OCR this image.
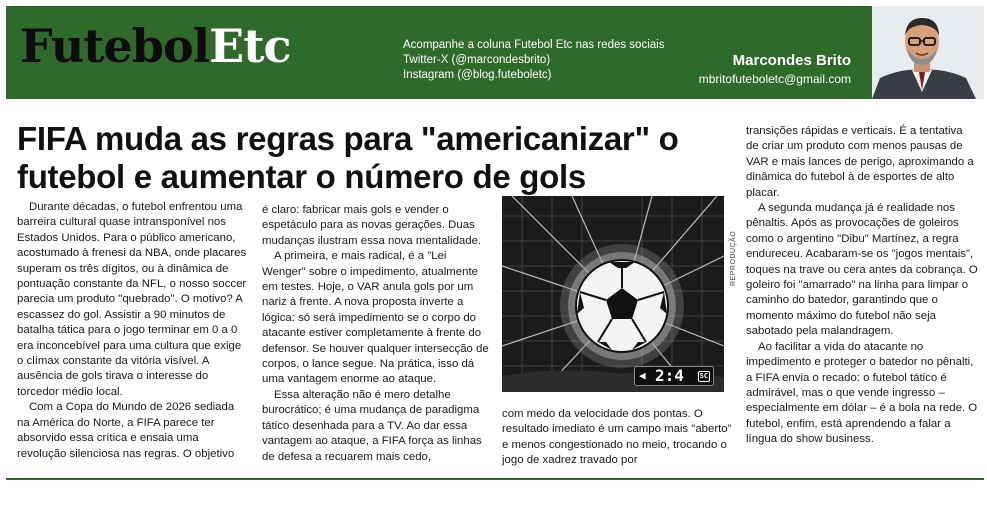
FutebolEtc	Acompanhe a coluna Futebol Etc nas redes sociais
Twitter-X (@marcondesbrito)
Instagram (@blog.futeboletc)
Marcondes Brito
mbritofuteboletc@gmail.com
FIFA muda as regras para "americanizar" o futebol e aumentar o número de gols

Durante décadas, o futebol enfrentou uma barreira cultural quase intransponível nos Estados Unidos. Para o público americano, acostumado à frenesi da NBA, onde placares superam os três dígitos, ou à dinâmica de pontuação constante da NFL, o nosso soccer parecia um produto "quebrado". O motivo? A escassez do gol. Assistir a 90 minutos de batalha tática para o jogo terminar em 0 a 0 era inconcebível para uma cultura que exige o clímax constante da vitória visível. A ausência de gols tirava o interesse do torcedor médio local.

Com a Copa do Mundo de 2026 sediada na América do Norte, a FIFA parece ter absorvido essa crítica e ensaia uma revolução silenciosa nas regras. O objetivo

é claro: fabricar mais gols e vender o espetáculo para as novas gerações. Duas mudanças ilustram essa nova mentalidade.

A primeira, e mais radical, é a "Lei Wenger" sobre o impedimento, atualmente em testes. Hoje, o VAR anula gols por um nariz à frente. A nova proposta inverte a lógica: só será impedimento se o corpo do atacante estiver completamente à frente do defensor. Se houver qualquer intersecção de corpos, o lance segue. Na prática, isso dá uma vantagem enorme ao ataque.

Essa alteração não é mero detalhe burocrático; é uma mudança de paradigma tático desenhada para a TV. Ao dar essa vantagem ao ataque, a FIFA força as linhas de defesa a recuarem mais cedo,

◀ 2:4 SC
REPRODUÇÃO

com medo da velocidade dos pontas. O resultado imediato é um campo mais "aberto" e menos congestionado no meio, trocando o jogo de xadrez travado por

transições rápidas e verticais. É a tentativa de criar um produto com menos pausas de VAR e mais lances de perigo, aproximando a dinâmica do futebol à de esportes de alto placar.

A segunda mudança já é realidade nos pênaltis. Após as provocações de goleiros como o argentino "Dibu" Martínez, a regra endureceu. Acabaram-se os "jogos mentais", toques na trave ou cera antes da cobrança. O goleiro foi "amarrado" na linha para limpar o caminho do batedor, garantindo que o momento máximo do futebol não seja sabotado pela malandragem.

Ao facilitar a vida do atacante no impedimento e proteger o batedor no pênalti, a FIFA envia o recado: o futebol tático é admirável, mas o que vende ingresso – especialmente em dólar – é a bola na rede. O futebol, enfim, está aprendendo a falar a língua do show business.
